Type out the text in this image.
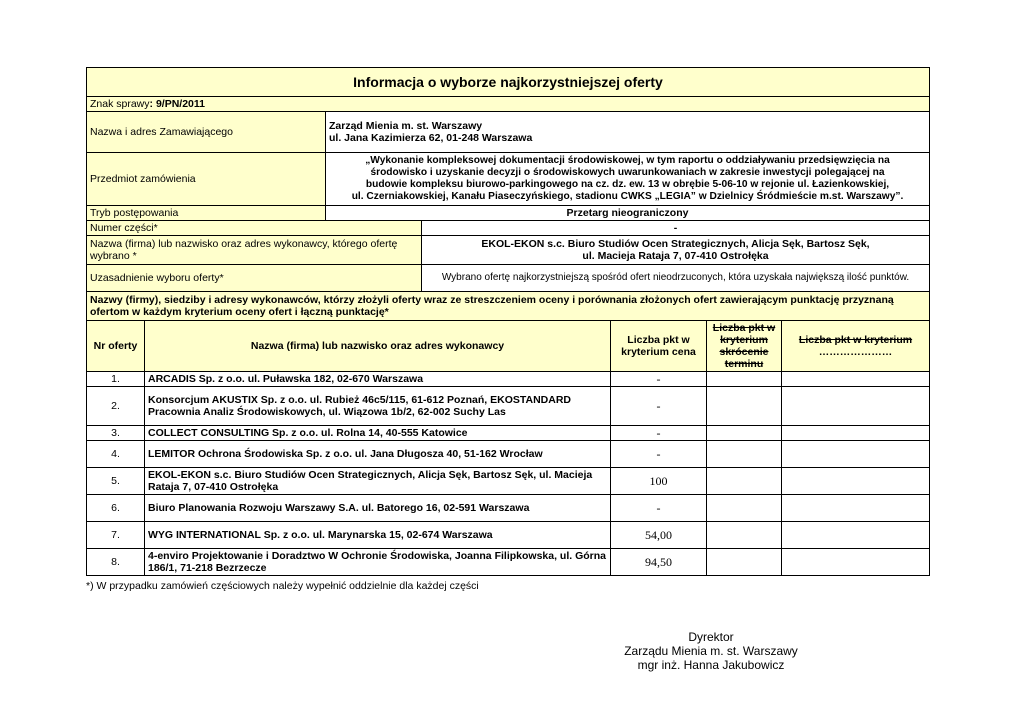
Informacja o wyborze najkorzystniejszej oferty							
Znak sprawy: 9/PN/2011							
Nazwa i adres Zamawiającego		Zarząd Mienia m. st. Warszawy
ul. Jana Kazimierza 62, 01-248 Warszawa					

Przedmiot zamówienia		„Wykonanie kompleksowej dokumentacji środowiskowej, w tym raportu o oddziaływaniu przedsięwzięcia na
środowisko i uzyskanie decyzji o środowiskowych uwarunkowaniach w zakresie inwestycji polegającej na
budowie kompleksu biurowo-parkingowego na cz. dz. ew. 13 w obrębie 5-06-10 w rejonie ul. Łazienkowskiej,
ul. Czerniakowskiej, Kanału Piaseczyńskiego, stadionu CWKS „LEGIA” w Dzielnicy Śródmieście m.st. Warszawy”.					

Tryb postępowania		Przetarg nieograniczony					
Numer części*			-				
Nazwa (firma) lub nazwisko oraz adres wykonawcy, którego ofertę wybrano *			EKOL-EKON s.c. Biuro Studiów Ocen Strategicznych, Alicja Sęk, Bartosz Sęk,
ul. Macieja Rataja 7, 07-410 Ostrołęka				

Uzasadnienie wyboru oferty*			Wybrano ofertę najkorzystniejszą spośród ofert nieodrzuconych, która uzyskała największą ilość punktów.				
Nazwy (firmy), siedziby i adresy wykonawców, którzy złożyli oferty wraz ze streszczeniem oceny i porównania złożonych ofert zawierającym punktację przyznaną ofertom w każdym kryterium oceny ofert i łączną punktację*							
Nr oferty	Nazwa (firma) lub nazwisko oraz adres wykonawcy			Liczba pkt w kryterium cena	Liczba pkt w kryterium skrócenie terminu	Liczba pkt w kryterium
…………………

1.	ARCADIS Sp. z o.o. ul. Puławska 182, 02-670 Warszawa			-			
2.	Konsorcjum AKUSTIX Sp. z o.o. ul. Rubież 46c5/115, 61-612 Poznań, EKOSTANDARD Pracownia Analiz Środowiskowych, ul. Wiązowa 1b/2, 62-002 Suchy Las			-			
3.	COLLECT CONSULTING Sp. z o.o. ul. Rolna 14, 40-555 Katowice			-			
4.	LEMITOR Ochrona Środowiska Sp. z o.o. ul. Jana Długosza 40, 51-162 Wrocław			-			
5.	EKOL-EKON s.c. Biuro Studiów Ocen Strategicznych, Alicja Sęk, Bartosz Sęk, ul. Macieja Rataja 7, 07-410 Ostrołęka			100			
6.	Biuro Planowania Rozwoju Warszawy S.A. ul. Batorego 16, 02-591 Warszawa			-			
7.	WYG INTERNATIONAL Sp. z o.o. ul. Marynarska 15, 02-674 Warszawa			54,00			
8.	4-enviro Projektowanie i Doradztwo W Ochronie Środowiska, Joanna Filipkowska, ul. Górna 186/1, 71-218 Bezrzecze			94,50			
*) W przypadku zamówień częściowych należy wypełnić oddzielnie dla każdej części
Dyrektor
Zarządu Mienia m. st. Warszawy
mgr inż. Hanna Jakubowicz
